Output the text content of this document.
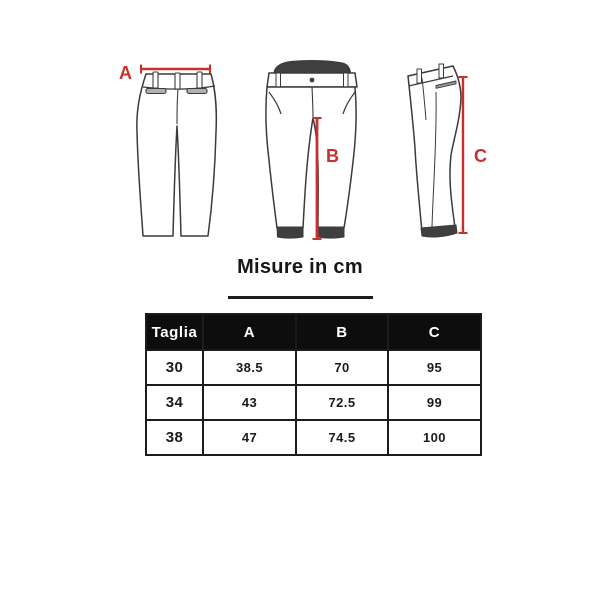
A
B	C
Misure in cm
Taglia	A	B	C
30	38.5	70	95
34	43	72.5	99
38	47	74.5	100
